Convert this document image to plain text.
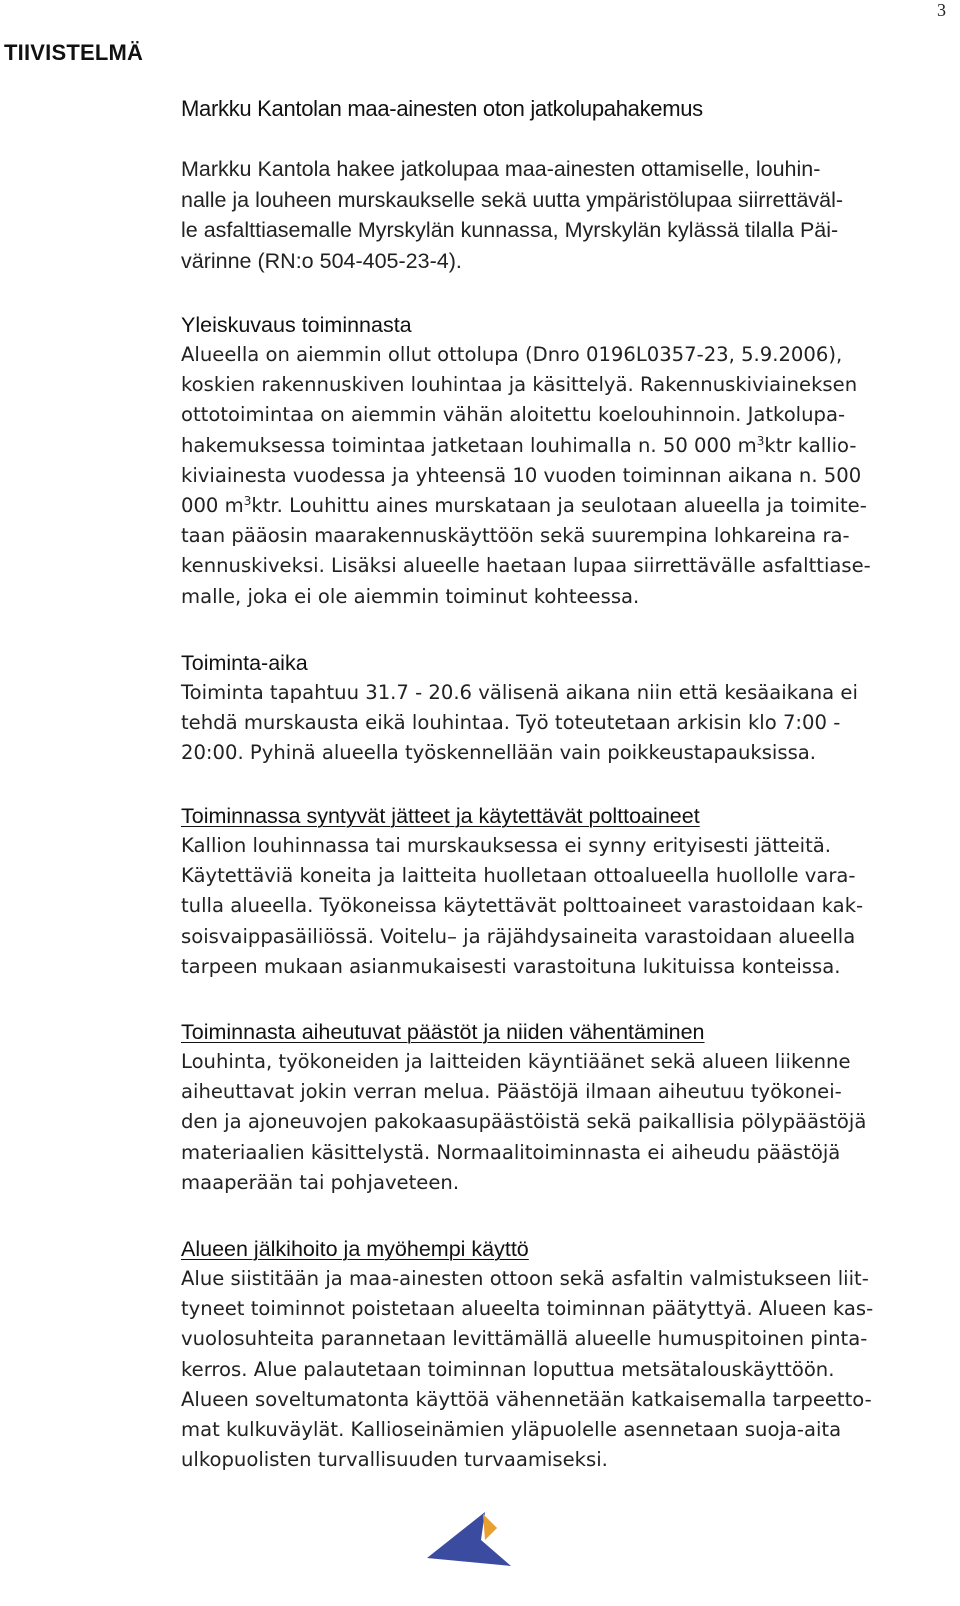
3
TIIVISTELMÄ
Markku Kantolan maa-ainesten oton jatkolupahakemus
Markku Kantola hakee jatkolupaa maa-ainesten ottamiselle, louhin-
nalle ja louheen murskaukselle sekä uutta ympäristölupaa siirrettäväl-
le asfalttiasemalle Myrskylän kunnassa, Myrskylän kylässä tilalla Päi-
värinne (RN:o 504-405-23-4).
Yleiskuvaus toiminnasta
Alueella on aiemmin ollut ottolupa (Dnro 0196L0357-23, 5.9.2006),
koskien rakennuskiven louhintaa ja käsittelyä. Rakennuskiviaineksen
ottotoimintaa on aiemmin vähän aloitettu koelouhinnoin. Jatkolupa-
hakemuksessa toimintaa jatketaan louhimalla n. 50 000 $m^3ktr$ kallio-
kiviainesta vuodessa ja yhteensä 10 vuoden toiminnan aikana n. 500
000 $m^3ktr$. Louhittu aines murskataan ja seulotaan alueella ja toimite-
taan pääosin maarakennuskäyttöön sekä suurempina lohkareina ra-
kennuskiveksi. Lisäksi alueelle haetaan lupaa siirrettävälle asfalttiase-
malle, joka ei ole aiemmin toiminut kohteessa.
Toiminta-aika
Toiminta tapahtuu 31.7 - 20.6 välisenä aikana niin että kesäaikana ei
tehdä murskausta eikä louhintaa. Työ toteutetaan arkisin klo 7:00 -
20:00. Pyhinä alueella työskennellään vain poikkeustapauksissa.
Toiminnassa syntyvät jätteet ja käytettävät polttoaineet
Kallion louhinnassa tai murskauksessa ei synny erityisesti jätteitä.
Käytettäviä koneita ja laitteita huolletaan ottoalueella huollolle vara-
tulla alueella. Työkoneissa käytettävät polttoaineet varastoidaan kak-
soisvaippasäiliössä. Voitelu– ja räjähdysaineita varastoidaan alueella
tarpeen mukaan asianmukaisesti varastoituna lukituissa konteissa.
Toiminnasta aiheutuvat päästöt ja niiden vähentäminen
Louhinta, työkoneiden ja laitteiden käyntiäänet sekä alueen liikenne
aiheuttavat jokin verran melua. Päästöjä ilmaan aiheutuu työkonei-
den ja ajoneuvojen pakokaasupäästöistä sekä paikallisia pölypäästöjä
materiaalien käsittelystä. Normaalitoiminnasta ei aiheudu päästöjä
maaperään tai pohjaveteen.
Alueen jälkihoito ja myöhempi käyttö
Alue siistitään ja maa-ainesten ottoon sekä asfaltin valmistukseen liit-
tyneet toiminnot poistetaan alueelta toiminnan päätyttyä. Alueen kas-
vuolosuhteita parannetaan levittämällä alueelle humuspitoinen pinta-
kerros. Alue palautetaan toiminnan loputtua metsätalouskäyttöön.
Alueen soveltumatonta käyttöä vähennetään katkaisemalla tarpeetto-
mat kulkuväylät. Kallioseinämien yläpuolelle asennetaan suoja-aita
ulkopuolisten turvallisuuden turvaamiseksi.
